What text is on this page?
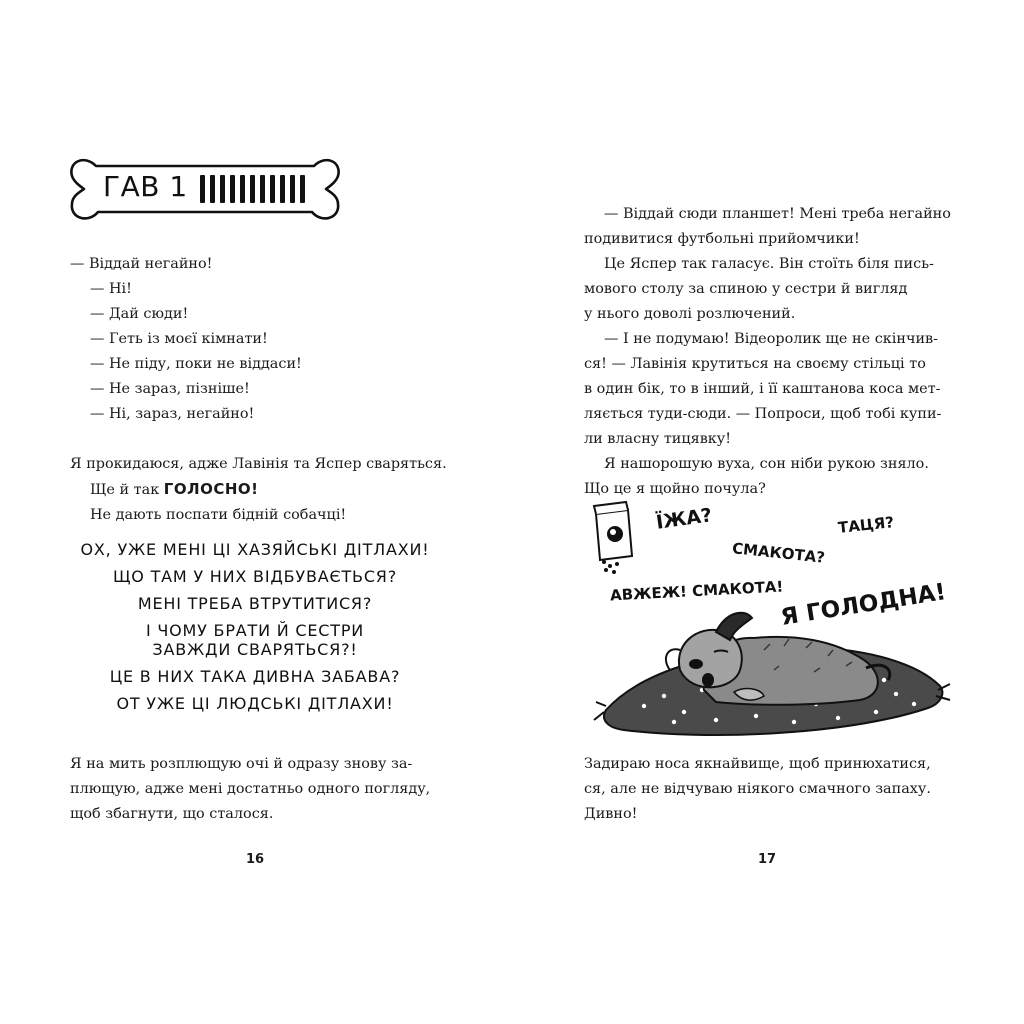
ГАВ 1

— Віддай негайно!

— Ні!

— Дай сюди!

— Геть із моєї кімнати!

— Не піду, поки не віддаси!

— Не зараз, пізніше!

— Ні, зараз, негайно!

Я прокидаюся, адже Лавінія та Яспер сваряться.

Ще й так ГОЛОСНО!

Не дають поспати бідній собачці!

ОХ, УЖЕ МЕНІ ЦІ ХАЗЯЙСЬКІ ДІТЛАХИ!
ЩО ТАМ У НИХ ВІДБУВАЄТЬСЯ?
МЕНІ ТРЕБА ВТРУТИТИСЯ?
І ЧОМУ БРАТИ Й СЕСТРИ
ЗАВЖДИ СВАРЯТЬСЯ?!
ЦЕ В НИХ ТАКА ДИВНА ЗАБАВА?
ОТ УЖЕ ЦІ ЛЮДСЬКІ ДІТЛАХИ!

Я на мить розплющую очі й одразу знову за-

плющую, адже мені достатньо одного погляду,

щоб збагнути, що сталося.

16

— Віддай сюди планшет! Мені треба негайно

подивитися футбольні прийомчики!

Це Яспер так галасує. Він стоїть біля пись-

мового столу за спиною у сестри й вигляд

у нього доволі розлючений.

— І не подумаю! Відеоролик ще не скінчив-

ся! — Лавінія крутиться на своєму стільці то

в один бік, то в інший, і її каштанова коса мет-

ляється туди-сюди. — Попроси, щоб тобі купи-

ли власну тицявку!

Я нашорошую вуха, сон ніби рукою зняло.

Що це я щойно почула?

ЇЖА?	ТАЦЯ?
СМАКОТА?
АВЖЕЖ! СМАКОТА!
Я ГОЛОДНА!

Задираю носа якнайвище, щоб принюхатися,

ся, але не відчуваю ніякого смачного запаху.

Дивно!

17
